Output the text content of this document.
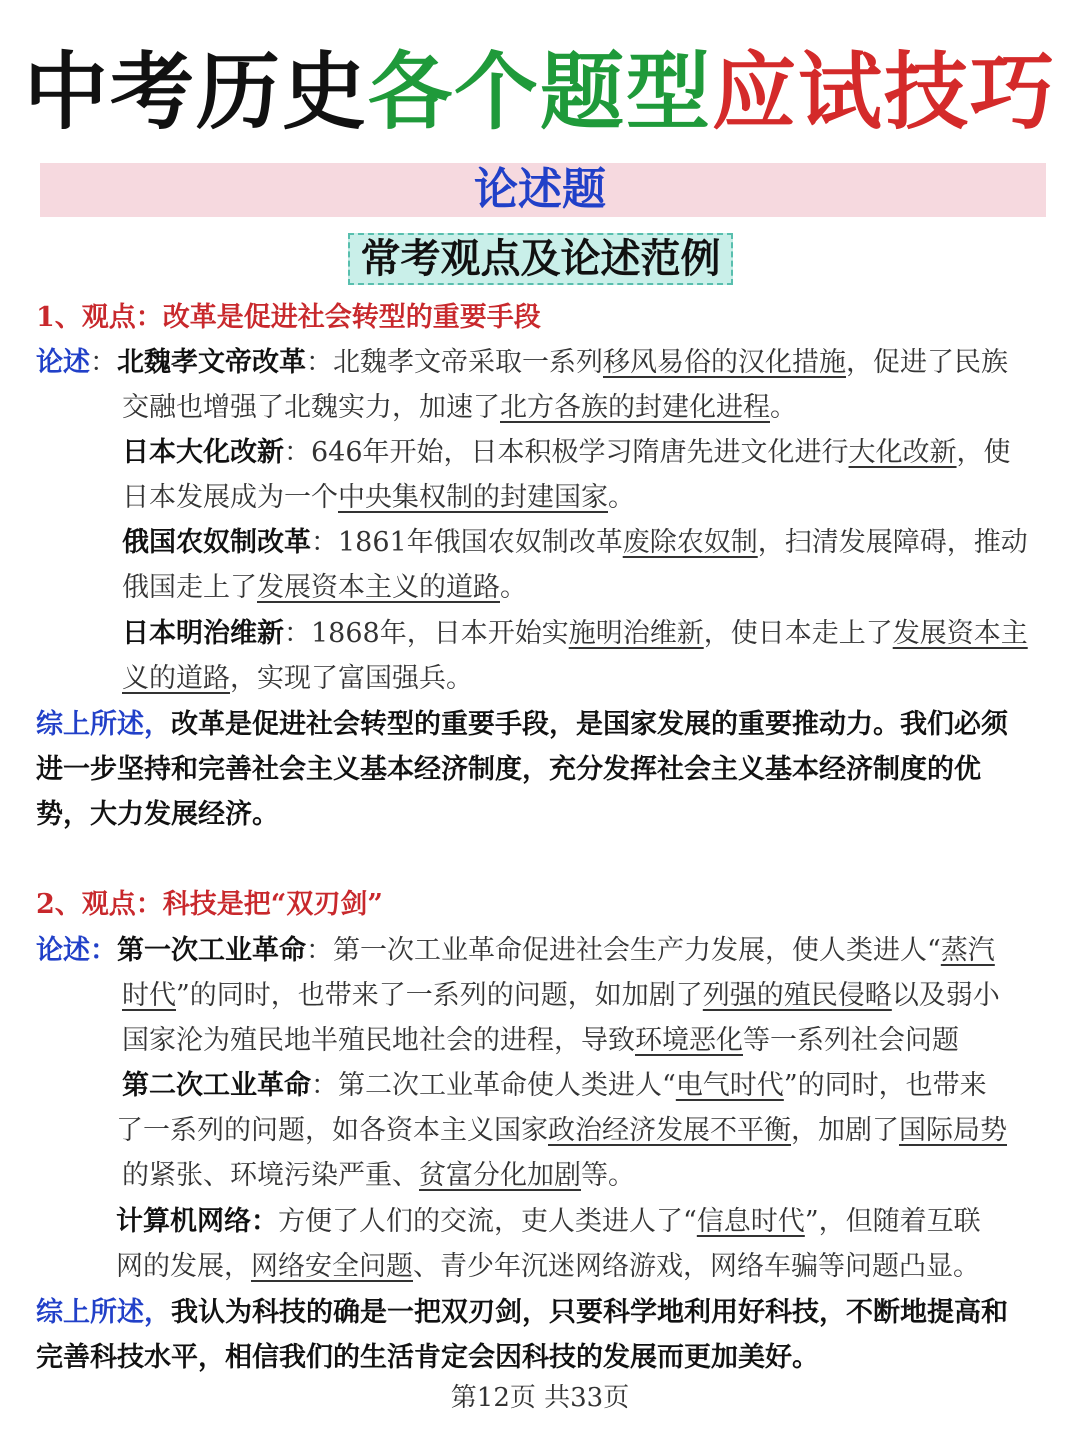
中考历史各个题型应试技巧
论述题
常考观点及论述范例
1、观点：改革是促进社会转型的重要手段
论述：北魏孝文帝改革：北魏孝文帝采取一系列移风易俗的汉化措施，促进了民族
交融也增强了北魏实力，加速了北方各族的封建化进程。
日本大化改新：646年开始，日本积极学习隋唐先进文化进行大化改新，使
日本发展成为一个中央集权制的封建国家。
俄国农奴制改革：1861年俄国农奴制改革废除农奴制，扫清发展障碍，推动
俄国走上了发展资本主义的道路。
日本明治维新：1868年，日本开始实施明治维新，使日本走上了发展资本主
义的道路，实现了富国强兵。
综上所述，改革是促进社会转型的重要手段，是国家发展的重要推动力。我们必须
进一步坚持和完善社会主义基本经济制度，充分发挥社会主义基本经济制度的优
势，大力发展经济。
2、观点：科技是把“双刃剑”
论述：第一次工业革命：第一次工业革命促进社会生产力发展，使人类进人“蒸汽
时代”的同时，也带来了一系列的问题，如加剧了列强的殖民侵略以及弱小
国家沦为殖民地半殖民地社会的进程，导致环境恶化等一系列社会问题
第二次工业革命：第二次工业革命使人类进人“电气时代”的同时，也带来
了一系列的问题，如各资本主义国家政治经济发展不平衡，加剧了国际局势
的紧张、环境污染严重、贫富分化加剧等。
计算机网络：方便了人们的交流，吏人类进人了“信息时代”，但随着互联
网的发展，网络安全问题、青少年沉迷网络游戏，网络车骗等问题凸显。
综上所述，我认为科技的确是一把双刃剑，只要科学地利用好科技，不断地提高和
完善科技水平，相信我们的生活肯定会因科技的发展而更加美好。
第12页 共33页
